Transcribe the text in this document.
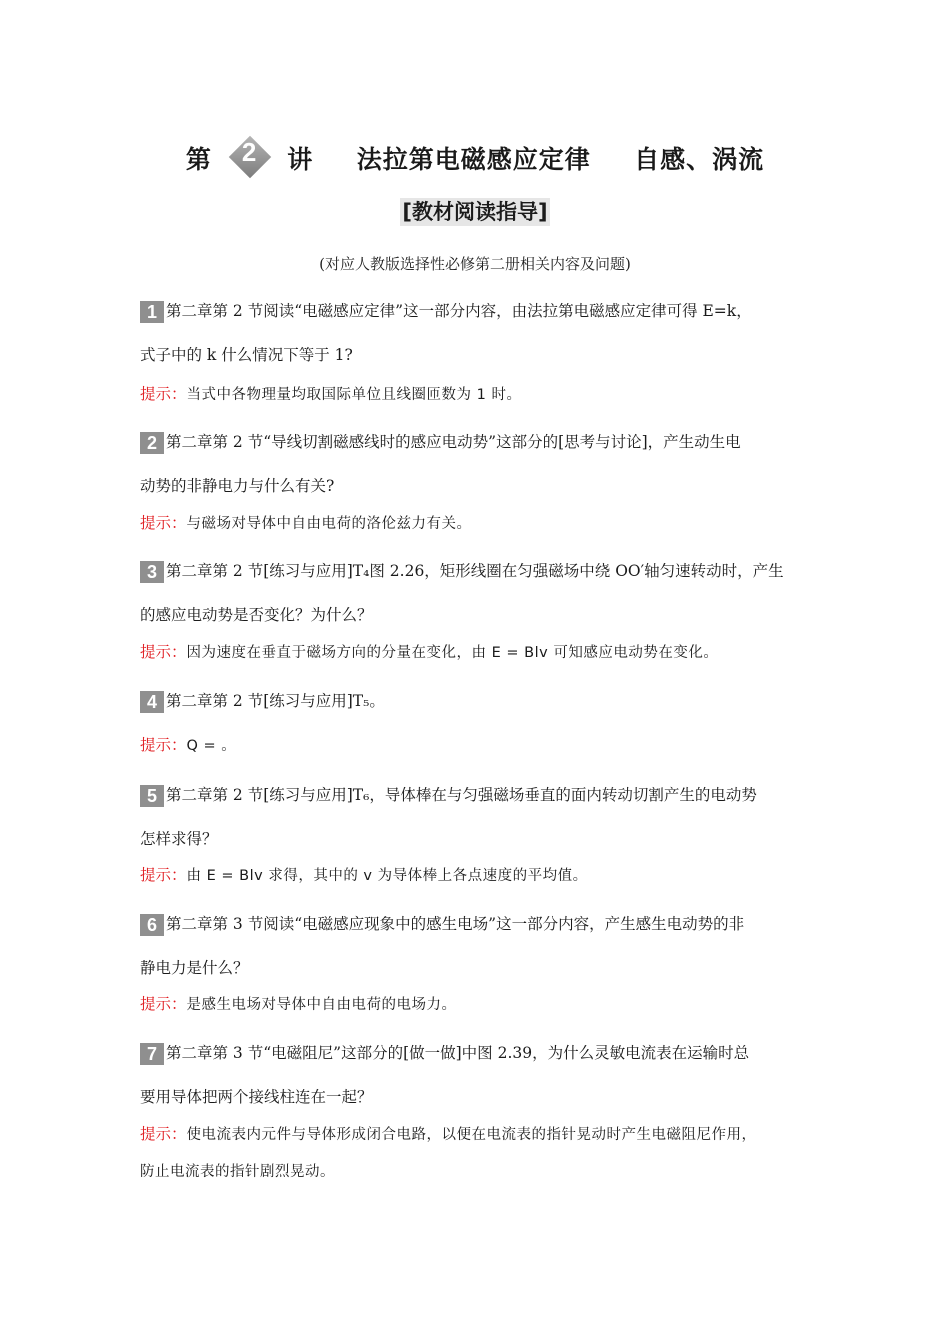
第	2	讲 法拉第电磁感应定律 自感、涡流
[教材阅读指导]
(对应人教版选择性必修第二册相关内容及问题)
1 第二章第 2 节阅读“电磁感应定律”这一部分内容，由法拉第电磁感应定律可得 E=k，
式子中的 k 什么情况下等于 1?
提示：当式中各物理量均取国际单位且线圈匝数为 1 时。
2 第二章第 2 节“导线切割磁感线时的感应电动势”这部分的[思考与讨论]，产生动生电
动势的非静电力与什么有关?
提示：与磁场对导体中自由电荷的洛伦兹力有关。
3 第二章第 2 节[练习与应用]T₄图 2.26，矩形线圈在匀强磁场中绕 OO′轴匀速转动时，产生
的感应电动势是否变化？为什么？
提示：因为速度在垂直于磁场方向的分量在变化，由 E = Blv 可知感应电动势在变化。
4 第二章第 2 节[练习与应用]T₅。
提示：Q = 。
5 第二章第 2 节[练习与应用]T₆，导体棒在与匀强磁场垂直的面内转动切割产生的电动势
怎样求得？
提示：由 E = Blv 求得，其中的 v 为导体棒上各点速度的平均值。
6 第二章第 3 节阅读“电磁感应现象中的感生电场”这一部分内容，产生感生电动势的非
静电力是什么？
提示：是感生电场对导体中自由电荷的电场力。
7 第二章第 3 节“电磁阻尼”这部分的[做一做]中图 2.39，为什么灵敏电流表在运输时总
要用导体把两个接线柱连在一起？
提示：使电流表内元件与导体形成闭合电路，以便在电流表的指针晃动时产生电磁阻尼作用，
防止电流表的指针剧烈晃动。
